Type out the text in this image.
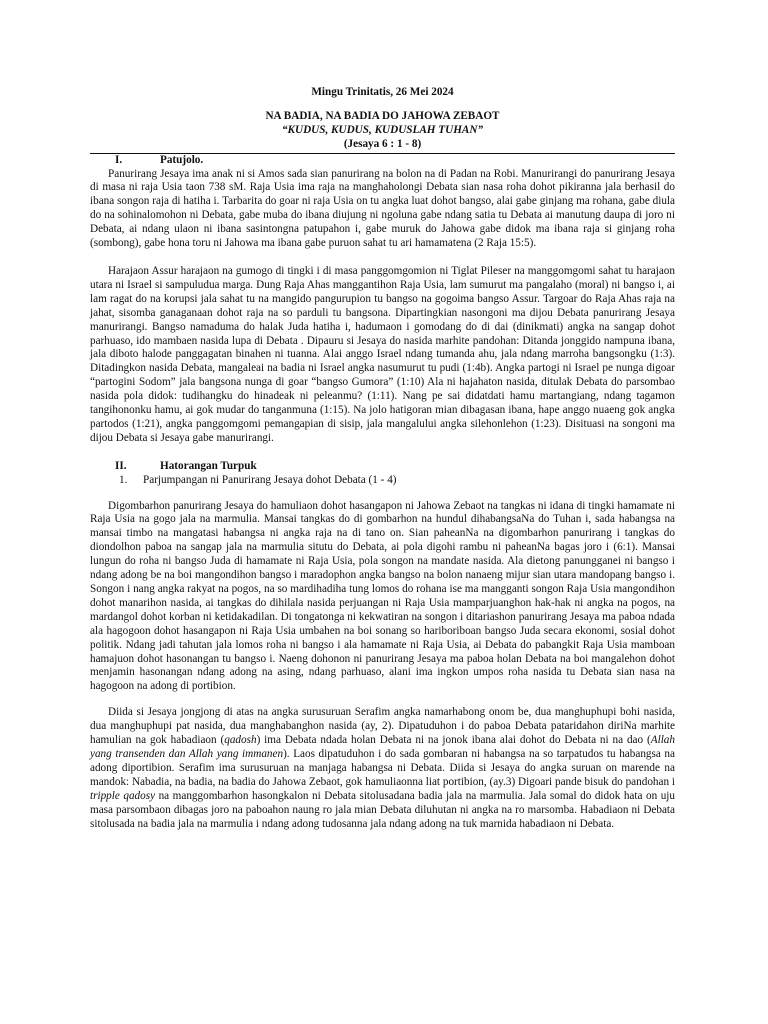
Mingu Trinitatis, 26 Mei 2024
NA BADIA, NA BADIA DO JAHOWA ZEBAOT
“KUDUS, KUDUS, KUDUSLAH TUHAN”
(Jesaya 6 : 1 - 8)
I.	Patujolo.

Panurirang Jesaya ima anak ni si Amos sada sian panurirang na bolon na di Padan na Robi. Manurirangi do panurirang Jesaya di masa ni raja Usia taon 738 sM. Raja Usia ima raja na manghaholongi Debata sian nasa roha dohot pikiranna jala berhasil do ibana songon raja di hatiha i. Tarbarita do goar ni raja Usia on tu angka luat dohot bangso, alai gabe ginjang ma rohana, gabe diula do na sohinalomohon ni Debata, gabe muba do ibana diujung ni ngoluna gabe ndang satia tu Debata ai manutung daupa di joro ni Debata, ai ndang ulaon ni ibana sasintongna patupahon i, gabe muruk do Jahowa gabe didok ma ibana raja si ginjang roha (sombong), gabe hona toru ni Jahowa ma ibana gabe puruon sahat tu ari hamamatena (2 Raja 15:5).

Harajaon Assur harajaon na gumogo di tingki i di masa panggomgomion ni Tiglat Pileser na manggomgomi sahat tu harajaon utara ni Israel si sampuludua marga. Dung Raja Ahas manggantihon Raja Usia, lam sumurut ma pangalaho (moral) ni bangso i, ai lam ragat do na korupsi jala sahat tu na mangido pangurupion tu bangso na gogoima bangso Assur. Targoar do Raja Ahas raja na jahat, sisomba ganaganaan dohot raja na so parduli tu bangsona. Dipartingkian nasongoni ma dijou Debata panurirang Jesaya manurirangi. Bangso namaduma do halak Juda hatiha i, hadumaon i gomodang do di dai (dinikmati) angka na sangap dohot parhuaso, ido mambaen nasida lupa di Debata . Dipauru si Jesaya do nasida marhite pandohan: Ditanda jonggido nampuna ibana, jala diboto halode panggagatan binahen ni tuanna. Alai anggo Israel ndang tumanda ahu, jala ndang marroha bangsongku (1:3). Ditadingkon nasida Debata, mangaleai na badia ni Israel angka nasumurut tu pudi (1:4b). Angka partogi ni Israel pe nunga digoar “partogini Sodom” jala bangsona nunga di goar “bangso Gumora” (1:10) Ala ni hajahaton nasida, ditulak Debata do parsombao nasida pola didok: tudihangku do hinadeak ni peleanmu? (1:11). Nang pe sai didatdati hamu martangiang, ndang tagamon tangihononku hamu, ai gok mudar do tanganmuna (1:15). Na jolo hatigoran mian dibagasan ibana, hape anggo nuaeng gok angka partodos (1:21), angka panggomgomi pemangapian di sisip, jala mangalului angka silehonlehon (1:23). Disituasi na songoni ma dijou Debata si Jesaya gabe manurirangi.

II.	Hatorangan Turpuk
1.	Parjumpangan ni Panurirang Jesaya dohot Debata (1 - 4)

Digombarhon panurirang Jesaya do hamuliaon dohot hasangapon ni Jahowa Zebaot na tangkas ni idana di tingki hamamate ni Raja Usia na gogo jala na marmulia. Mansai tangkas do di gombarhon na hundul dihabangsaNa do Tuhan i, sada habangsa na mansai timbo na mangatasi habangsa ni angka raja na di tano on. Sian paheanNa na digombarhon panurirang i tangkas do diondolhon paboa na sangap jala na marmulia situtu do Debata, ai pola digohi rambu ni paheanNa bagas joro i (6:1). Mansai lungun do roha ni bangso Juda di hamamate ni Raja Usia, pola songon na mandate nasida. Ala dietong panungganei ni bangso i ndang adong be na boi mangondihon bangso i maradophon angka bangso na bolon nanaeng mijur sian utara mandopang bangso i. Songon i nang angka rakyat na pogos, na so mardihadiha tung lomos do rohana ise ma mangganti songon Raja Usia mangondihon dohot manarihon nasida, ai tangkas do dihilala nasida perjuangan ni Raja Usia mamparjuanghon hak-hak ni angka na pogos, na mardangol dohot korban ni ketidakadilan. Di tongatonga ni kekwatiran na songon i ditariashon panurirang Jesaya ma paboa ndada ala hagogoon dohot hasangapon ni Raja Usia umbahen na boi sonang so hariboriboan bangso Juda secara ekonomi, sosial dohot politik. Ndang jadi tahutan jala lomos roha ni bangso i ala hamamate ni Raja Usia, ai Debata do pabangkit Raja Usia mamboan hamajuon dohot hasonangan tu bangso i. Naeng dohonon ni panurirang Jesaya ma paboa holan Debata na boi mangalehon dohot menjamin hasonangan ndang adong na asing, ndang parhuaso, alani ima ingkon umpos roha nasida tu Debata sian nasa na hagogoon na adong di portibion.

Diida si Jesaya jongjong di atas na angka surusuruan Serafim angka namarhabong onom be, dua manghuphupi bohi nasida, dua manghuphupi pat nasida, dua manghabanghon nasida (ay, 2). Dipatuduhon i do paboa Debata pataridahon diriNa marhite hamulian na gok habadiaon (qadosh) ima Debata ndada holan Debata ni na jonok ibana alai dohot do Debata ni na dao (Allah yang transenden dan Allah yang immanen). Laos dipatuduhon i do sada gombaran ni habangsa na so tarpatudos tu habangsa na adong diportibion. Serafim ima surusuruan na manjaga habangsa ni Debata. Diida si Jesaya do angka suruan on marende na mandok: Nabadia, na badia, na badia do Jahowa Zebaot, gok hamuliaonna liat portibion, (ay.3) Digoari pande bisuk do pandohan i tripple qadosy na manggombarhon hasongkalon ni Debata sitolusadana badia jala na marmulia. Jala somal do didok hata on uju masa parsombaon dibagas joro na paboahon naung ro jala mian Debata diluhutan ni angka na ro marsomba. Habadiaon ni Debata sitolusada na badia jala na marmulia i ndang adong tudosanna jala ndang adong na tuk marnida habadiaon ni Debata.
